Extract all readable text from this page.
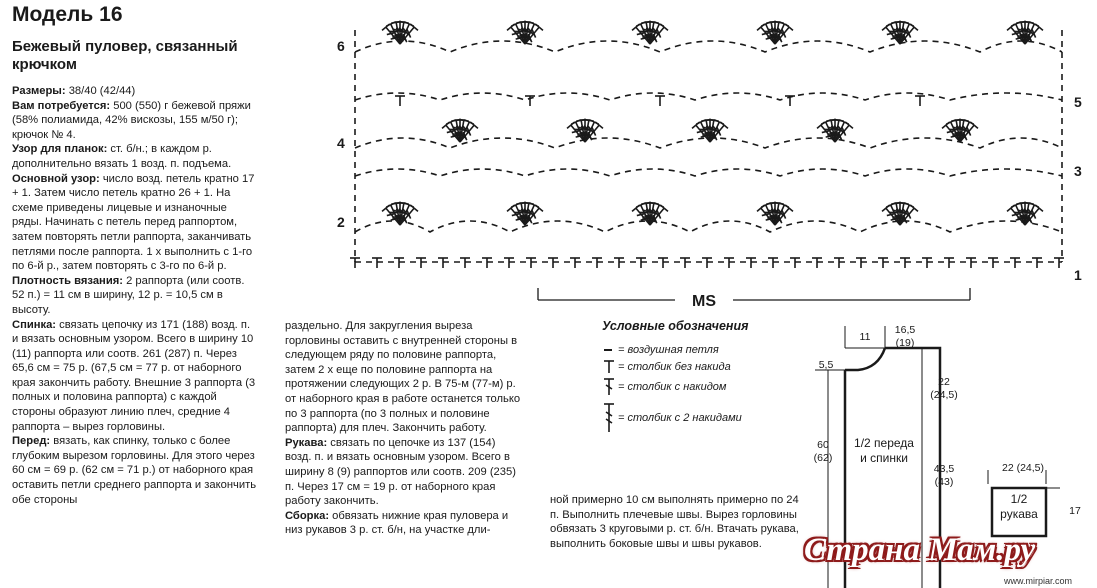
Модель 16
Бежевый пуловер, связанный крючком

Размеры: 38/40 (42/44)

Вам потребуется: 500 (550) г бежевой пряжи (58% полиамида, 42% вискозы, 155 м/50 г); крючок № 4.

Узор для планок: ст. б/н.; в каждом р. дополнительно вязать 1 возд. п. подъема.

Основной узор: число возд. петель кратно 17 + 1. Затем число петель кратно 26 + 1. На схеме приведены лицевые и изнаночные ряды. Начинать с петель перед раппортом, затем повторять петли раппорта, заканчивать петлями после раппорта. 1 х выполнить с 1-го по 6-й р., затем повторять с 3-го по 6-й р.

Плотность вязания: 2 раппорта (или соотв. 52 п.) = 11 см в ширину, 12 р. = 10,5 см в высоту.

Спинка: связать цепочку из 171 (188) возд. п. и вязать основным узором. Всего в ширину 10 (11) раппорта или соотв. 261 (287) п. Через 65,6 см = 75 р. (67,5 см = 77 р. от наборного края закончить работу. Внешние 3 раппорта (3 полных и половина раппорта) с каждой стороны образуют линию плеч, средние 4 раппорта – вырез горловины.

Перед: вязать, как спинку, только с более глубоким вырезом горловины. Для этого через 60 см = 69 р. (62 см = 71 р.) от наборного края оставить петли среднего раппорта и закончить обе стороны

раздельно. Для закругления выреза горловины оставить с внутренней стороны в следующем ряду по половине раппорта, затем 2 х еще по половине раппорта на протяжении следующих 2 р. В 75-м (77-м) р. от наборного края в работе останется только по 3 раппорта (по 3 полных и половине раппорта) для плеч. Закончить работу.

Рукава: связать по цепочке из 137 (154) возд. п. и вязать основным узором. Всего в ширину 8 (9) раппортов или соотв. 209 (235) п. Через 17 см = 19 р. от наборного края работу закончить.

Сборка: обвязать нижние края пуловера и низ рукавов 3 р. ст. б/н, на участке дли-

ной примерно 10 см выполнять примерно по 24 п. Выполнить плечевые швы. Вырез горловины обвязать 3 круговыми р. ст. б/н. Втачать рукава, выполнить боковые швы и швы рукавов.

6
4
2
5
3
1
MS
Условные обозначения
= воздушная петля
= столбик без накида
= столбик с накидом
= столбик с 2 накидами
11
16,5
(19)
5,5
22
(24,5)
60
(62)
43,5
(43)
1/2 переда и спинки
22 (24,5)
17
1/2 рукава
Страна Мам.ру
www.mirpiar.com
